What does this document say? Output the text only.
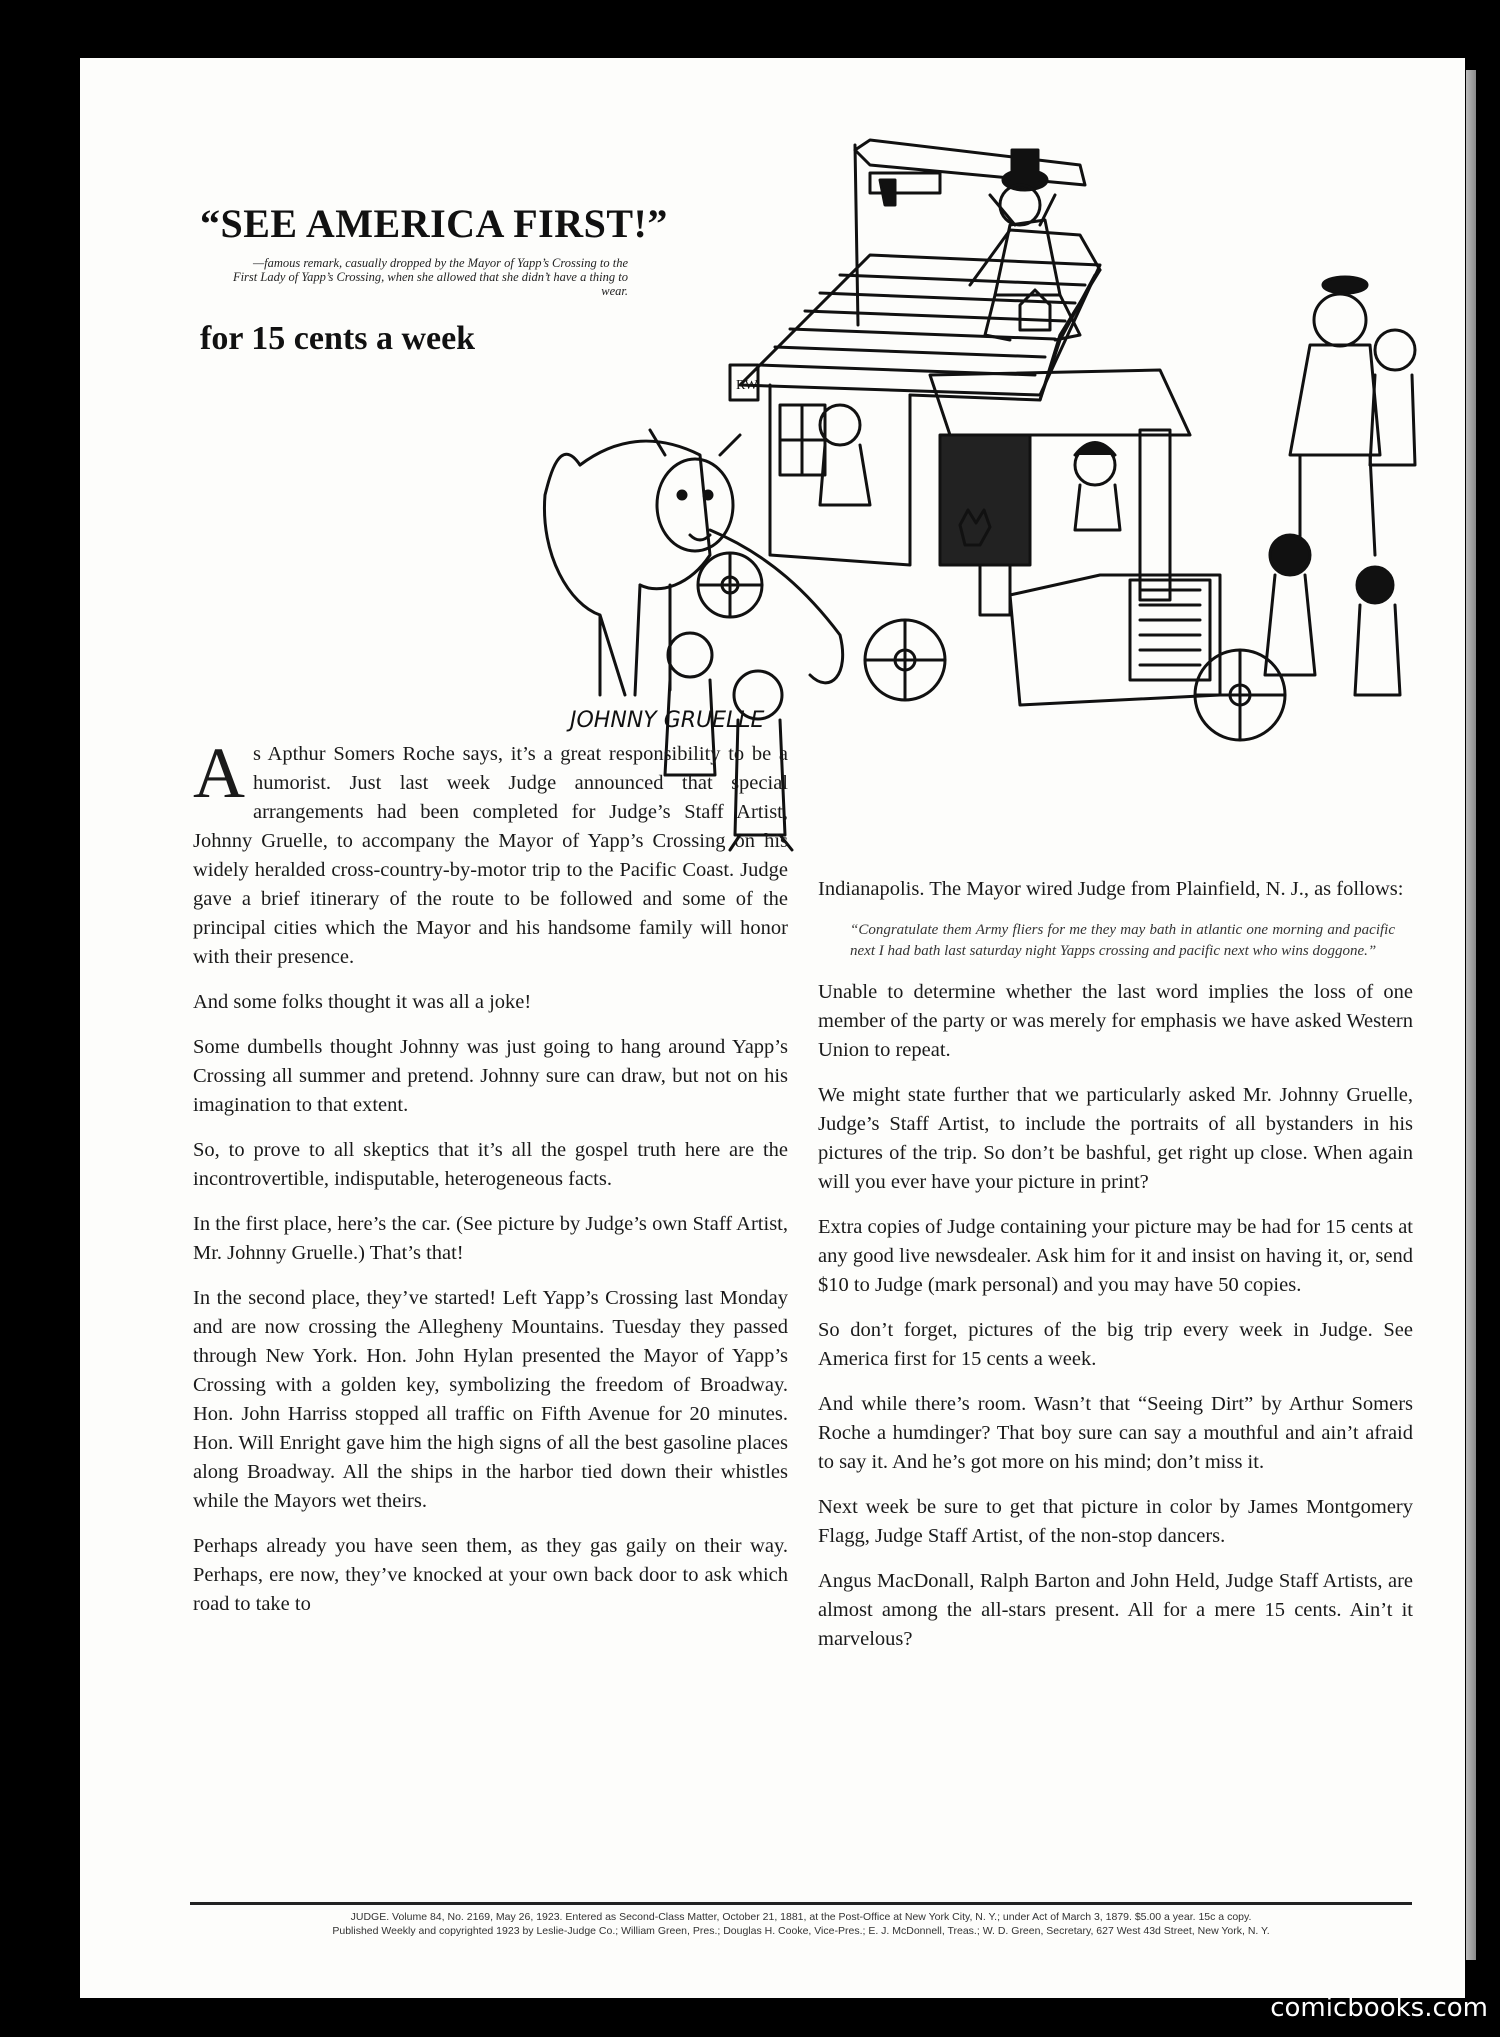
“SEE AMERICA FIRST!”
—famous remark, casually dropped by the Mayor of Yapp’s Crossing to the First Lady of Yapp’s Crossing, when she allowed that she didn’t have a thing to wear.
for 15 cents a week
RW
JOHNNY GRUELLE

As Apthur Somers Roche says, it’s a great responsibility to be a humorist. Just last week Judge announced that special arrangements had been completed for Judge’s Staff Artist, Johnny Gruelle, to accompany the Mayor of Yapp’s Crossing on his widely heralded cross-country-by-motor trip to the Pacific Coast. Judge gave a brief itinerary of the route to be followed and some of the principal cities which the Mayor and his handsome family will honor with their presence.

And some folks thought it was all a joke!

Some dumbells thought Johnny was just going to hang around Yapp’s Crossing all summer and pretend. Johnny sure can draw, but not on his imagination to that extent.

So, to prove to all skeptics that it’s all the gospel truth here are the incontrovertible, indisputable, heterogeneous facts.

In the first place, here’s the car. (See picture by Judge’s own Staff Artist, Mr. Johnny Gruelle.) That’s that!

In the second place, they’ve started! Left Yapp’s Crossing last Monday and are now crossing the Allegheny Mountains. Tuesday they passed through New York. Hon. John Hylan presented the Mayor of Yapp’s Crossing with a golden key, symbolizing the freedom of Broadway. Hon. John Harriss stopped all traffic on Fifth Avenue for 20 minutes. Hon. Will Enright gave him the high signs of all the best gasoline places along Broadway. All the ships in the harbor tied down their whistles while the Mayors wet theirs.

Perhaps already you have seen them, as they gas gaily on their way. Perhaps, ere now, they’ve knocked at your own back door to ask which road to take to

Indianapolis. The Mayor wired Judge from Plainfield, N. J., as follows:

“Congratulate them Army fliers for me they may bath in atlantic one morning and pacific next I had bath last saturday night Yapps crossing and pacific next who wins doggone.”

Unable to determine whether the last word implies the loss of one member of the party or was merely for emphasis we have asked Western Union to repeat.

We might state further that we particularly asked Mr. Johnny Gruelle, Judge’s Staff Artist, to include the portraits of all bystanders in his pictures of the trip. So don’t be bashful, get right up close. When again will you ever have your picture in print?

Extra copies of Judge containing your picture may be had for 15 cents at any good live newsdealer. Ask him for it and insist on having it, or, send $10 to Judge (mark personal) and you may have 50 copies.

So don’t forget, pictures of the big trip every week in Judge. See America first for 15 cents a week.

And while there’s room. Wasn’t that “Seeing Dirt” by Arthur Somers Roche a humdinger? That boy sure can say a mouthful and ain’t afraid to say it. And he’s got more on his mind; don’t miss it.

Next week be sure to get that picture in color by James Montgomery Flagg, Judge Staff Artist, of the non-stop dancers.

Angus MacDonall, Ralph Barton and John Held, Judge Staff Artists, are almost among the all-stars present. All for a mere 15 cents. Ain’t it marvelous?

JUDGE. Volume 84, No. 2169, May 26, 1923. Entered as Second-Class Matter, October 21, 1881, at the Post-Office at New York City, N. Y.; under Act of March 3, 1879. $5.00 a year. 15c a copy.
Published Weekly and copyrighted 1923 by Leslie-Judge Co.; William Green, Pres.; Douglas H. Cooke, Vice-Pres.; E. J. McDonnell, Treas.; W. D. Green, Secretary, 627 West 43d Street, New York, N. Y.
comicbooks.com
